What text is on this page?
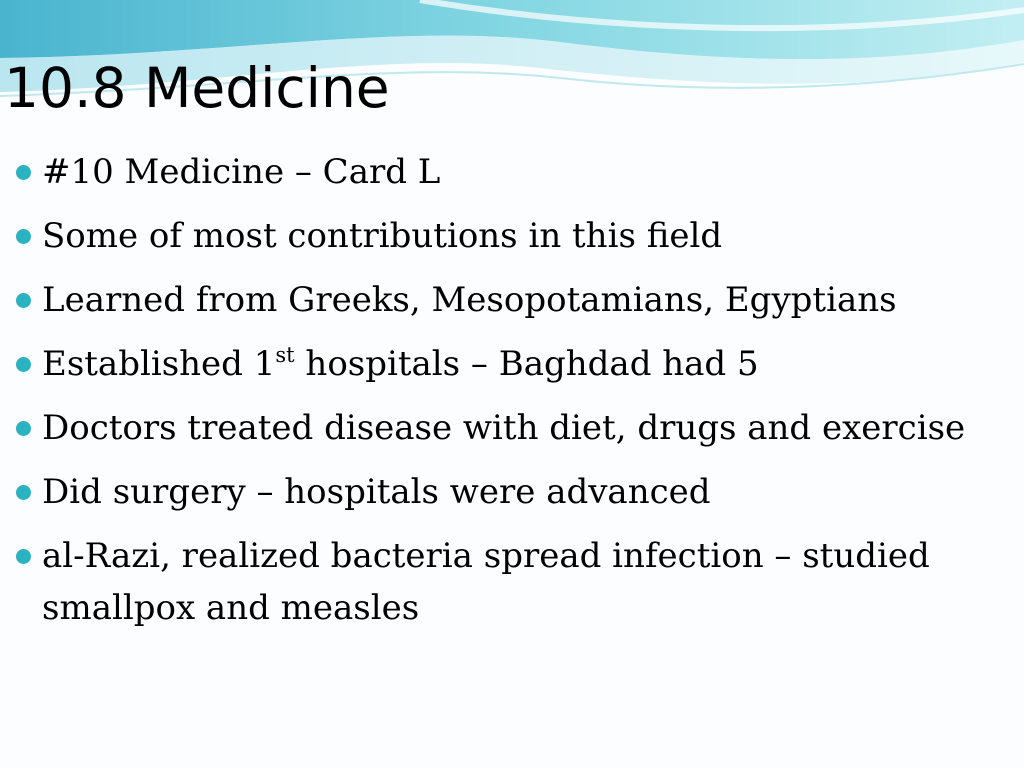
10.8 Medicine
#10 Medicine – Card L
Some of most contributions in this field
Learned from Greeks, Mesopotamians, Egyptians
Established 1st hospitals – Baghdad had 5
Doctors treated disease with diet, drugs and exercise
Did surgery – hospitals were advanced
al-Razi, realized bacteria spread infection – studied smallpox and measles
